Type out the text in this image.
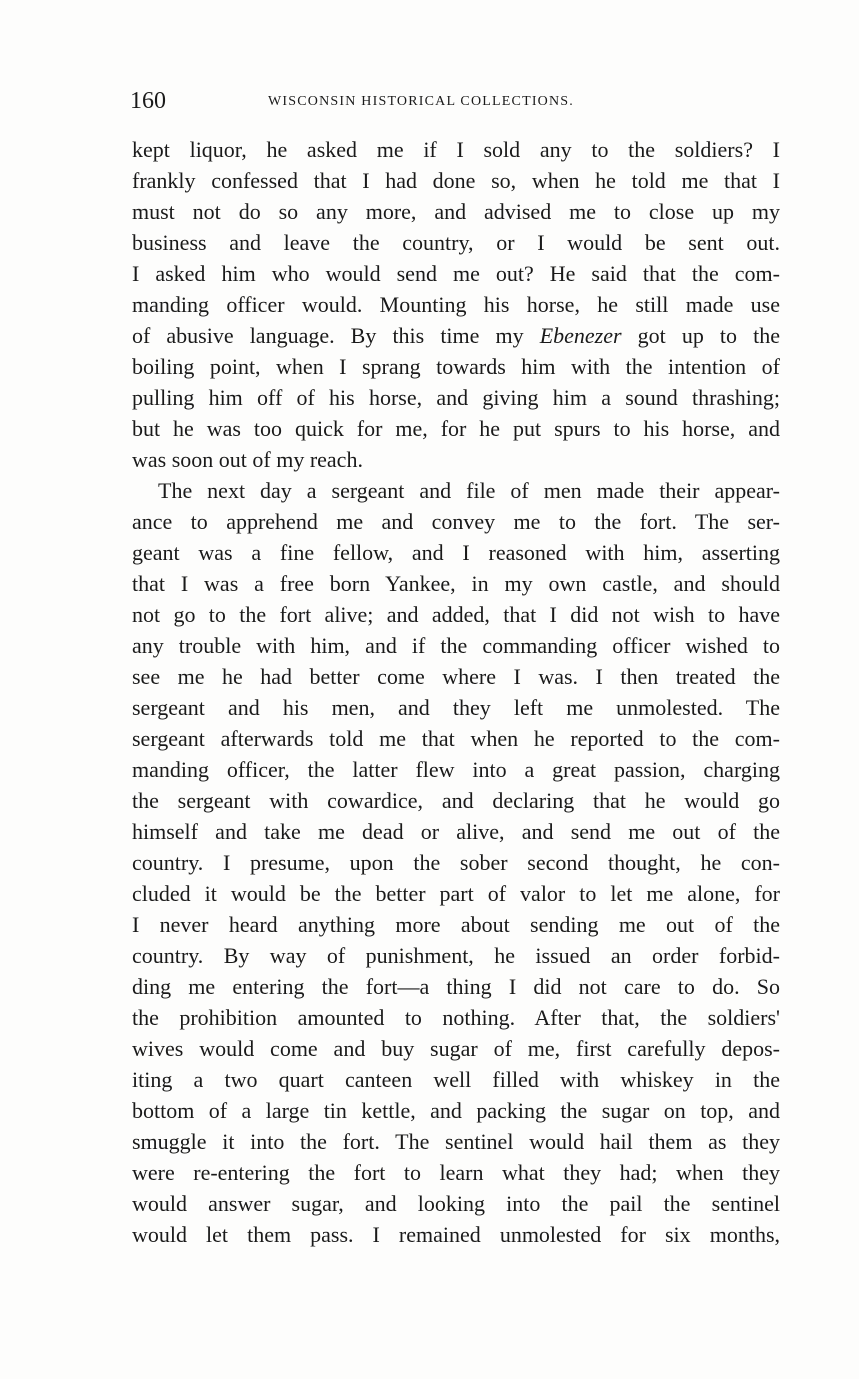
160	WISCONSIN HISTORICAL COLLECTIONS.
kept liquor, he asked me if I sold any to the soldiers? I
frankly confessed that I had done so, when he told me that I
must not do so any more, and advised me to close up my
business and leave the country, or I would be sent out.
I asked him who would send me out? He said that the com-
manding officer would. Mounting his horse, he still made use
of abusive language. By this time my Ebenezer got up to the
boiling point, when I sprang towards him with the intention of
pulling him off of his horse, and giving him a sound thrashing;
but he was too quick for me, for he put spurs to his horse, and
was soon out of my reach.
The next day a sergeant and file of men made their appear-
ance to apprehend me and convey me to the fort. The ser-
geant was a fine fellow, and I reasoned with him, asserting
that I was a free born Yankee, in my own castle, and should
not go to the fort alive; and added, that I did not wish to have
any trouble with him, and if the commanding officer wished to
see me he had better come where I was. I then treated the
sergeant and his men, and they left me unmolested. The
sergeant afterwards told me that when he reported to the com-
manding officer, the latter flew into a great passion, charging
the sergeant with cowardice, and declaring that he would go
himself and take me dead or alive, and send me out of the
country. I presume, upon the sober second thought, he con-
cluded it would be the better part of valor to let me alone, for
I never heard anything more about sending me out of the
country. By way of punishment, he issued an order forbid-
ding me entering the fort—a thing I did not care to do. So
the prohibition amounted to nothing. After that, the soldiers'
wives would come and buy sugar of me, first carefully depos-
iting a two quart canteen well filled with whiskey in the
bottom of a large tin kettle, and packing the sugar on top, and
smuggle it into the fort. The sentinel would hail them as they
were re-entering the fort to learn what they had; when they
would answer sugar, and looking into the pail the sentinel
would let them pass. I remained unmolested for six months,
